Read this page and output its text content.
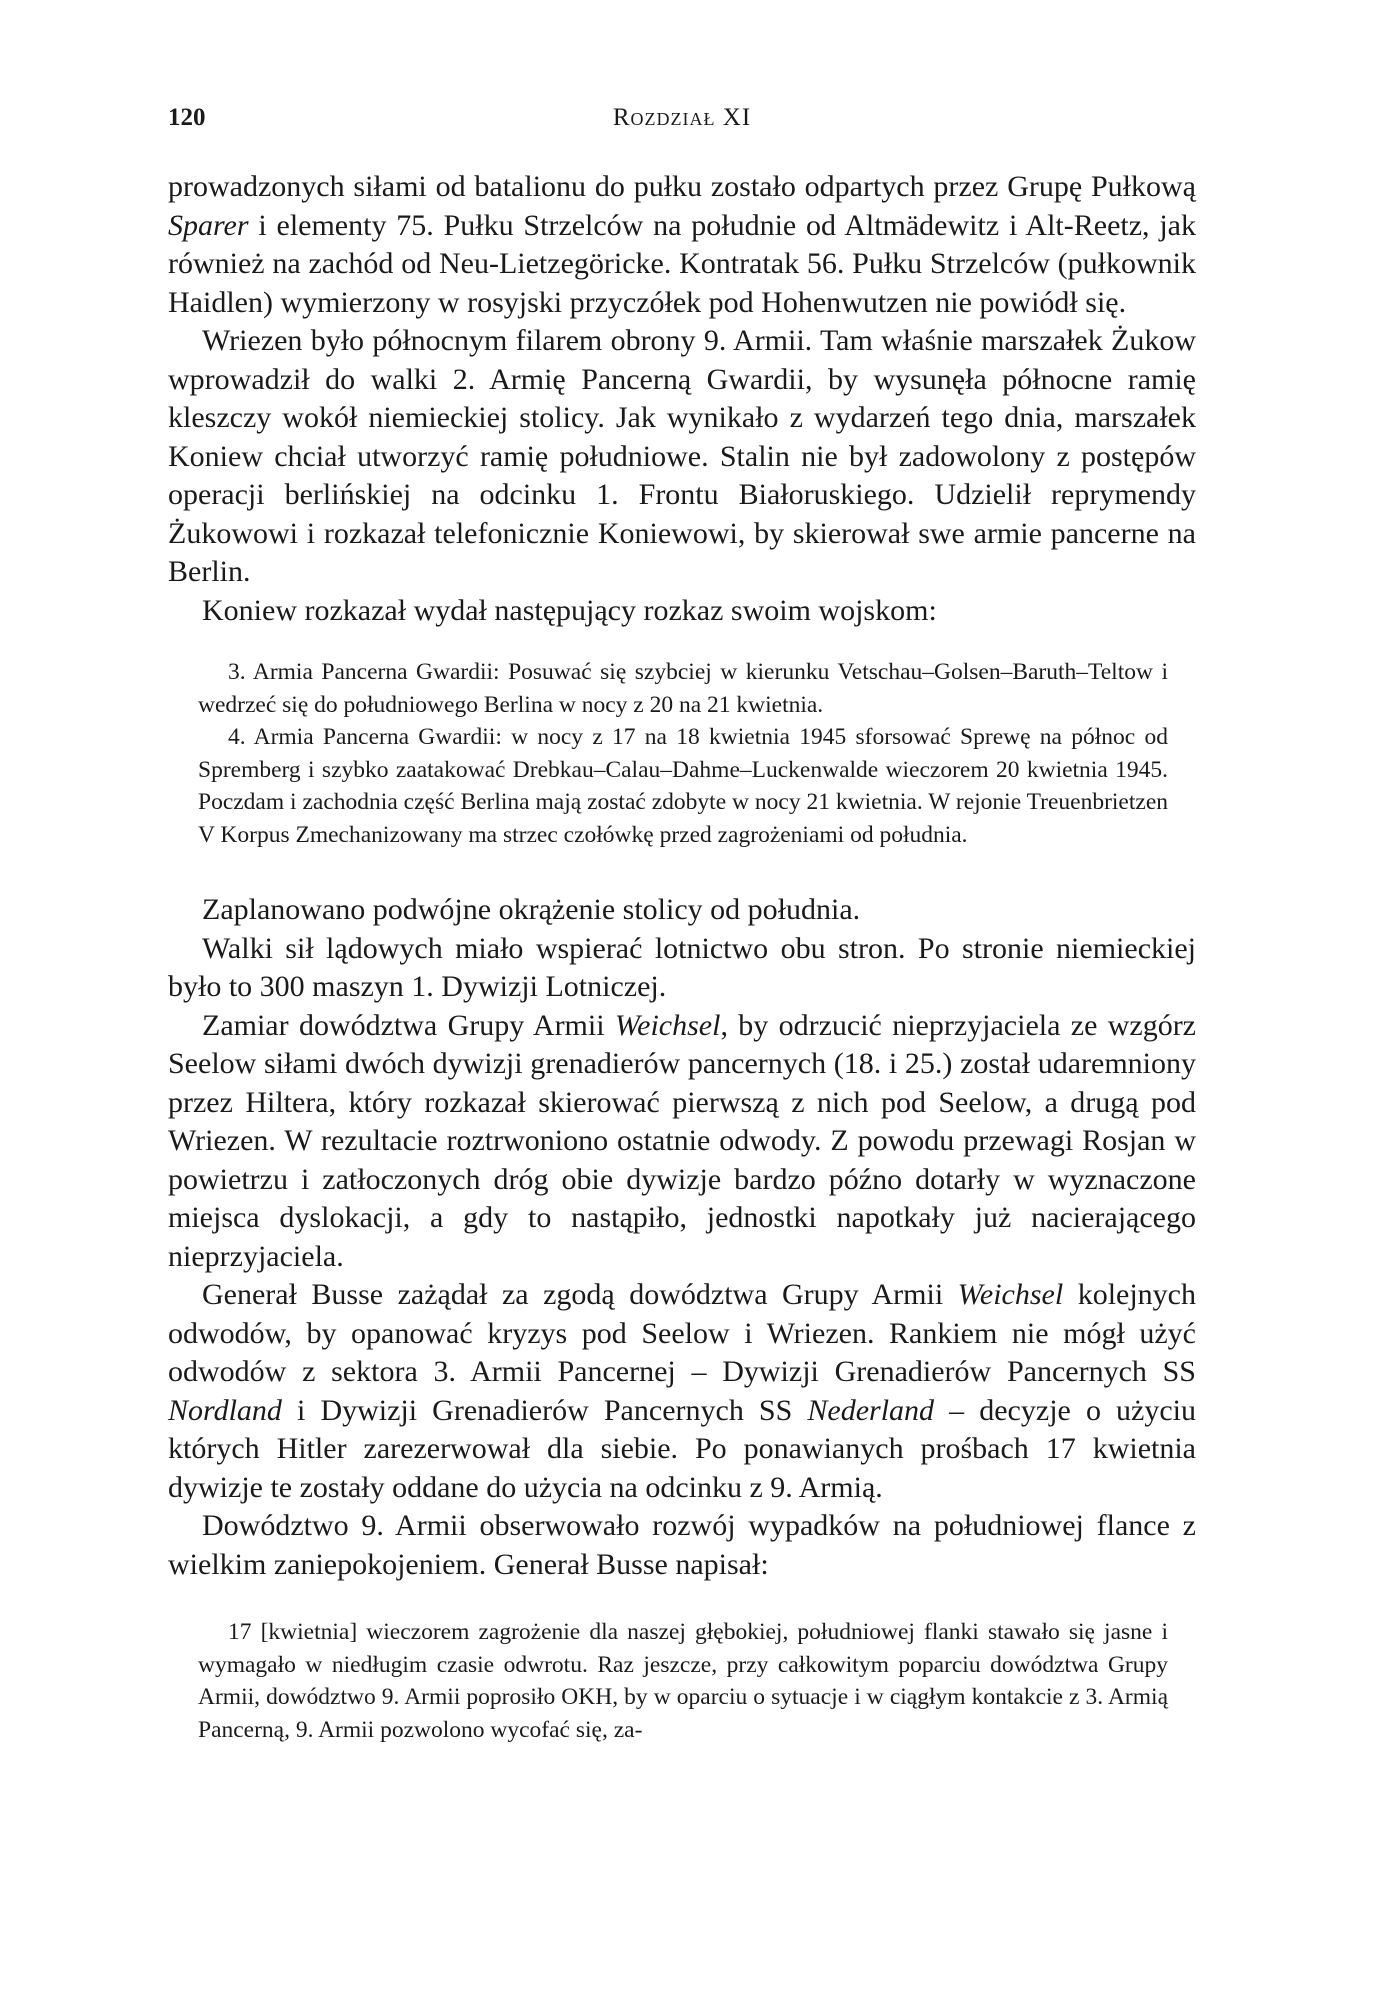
120	Rozdział XI

prowadzonych siłami od batalionu do pułku zostało odpartych przez Grupę Pułkową Sparer i elementy 75. Pułku Strzelców na południe od Altmädewitz i Alt-Reetz, jak również na zachód od Neu-Lietzegöricke. Kontratak 56. Pułku Strzelców (pułkownik Haidlen) wymierzony w rosyjski przyczółek pod Hohenwutzen nie powiódł się.

Wriezen było północnym filarem obrony 9. Armii. Tam właśnie marszałek Żukow wprowadził do walki 2. Armię Pancerną Gwardii, by wysunęła północne ramię kleszczy wokół niemieckiej stolicy. Jak wynikało z wydarzeń tego dnia, marszałek Koniew chciał utworzyć ramię południowe. Stalin nie był zadowolony z postępów operacji berlińskiej na odcinku 1. Frontu Białoruskiego. Udzielił reprymendy Żukowowi i rozkazał telefonicznie Koniewowi, by skierował swe armie pancerne na Berlin.

Koniew rozkazał wydał następujący rozkaz swoim wojskom:

3. Armia Pancerna Gwardii: Posuwać się szybciej w kierunku Vetschau–Golsen–Baruth–Teltow i wedrzeć się do południowego Berlina w nocy z 20 na 21 kwietnia.

4. Armia Pancerna Gwardii: w nocy z 17 na 18 kwietnia 1945 sforsować Sprewę na północ od Spremberg i szybko zaatakować Drebkau–Calau–Dahme–Luckenwalde wieczorem 20 kwietnia 1945. Poczdam i zachodnia część Berlina mają zostać zdobyte w nocy 21 kwietnia. W rejonie Treuenbrietzen V Korpus Zmechanizowany ma strzec czołówkę przed zagrożeniami od południa.

Zaplanowano podwójne okrążenie stolicy od południa.

Walki sił lądowych miało wspierać lotnictwo obu stron. Po stronie niemieckiej było to 300 maszyn 1. Dywizji Lotniczej.

Zamiar dowództwa Grupy Armii Weichsel, by odrzucić nieprzyjaciela ze wzgórz Seelow siłami dwóch dywizji grenadierów pancernych (18. i 25.) został udaremniony przez Hiltera, który rozkazał skierować pierwszą z nich pod Seelow, a drugą pod Wriezen. W rezultacie roztrwoniono ostatnie odwody. Z powodu przewagi Rosjan w powietrzu i zatłoczonych dróg obie dywizje bardzo późno dotarły w wyznaczone miejsca dyslokacji, a gdy to nastąpiło, jednostki napotkały już nacierającego nieprzyjaciela.

Generał Busse zażądał za zgodą dowództwa Grupy Armii Weichsel kolejnych odwodów, by opanować kryzys pod Seelow i Wriezen. Rankiem nie mógł użyć odwodów z sektora 3. Armii Pancernej – Dywizji Grenadierów Pancernych SS Nordland i Dywizji Grenadierów Pancernych SS Nederland – decyzje o użyciu których Hitler zarezerwował dla siebie. Po ponawianych prośbach 17 kwietnia dywizje te zostały oddane do użycia na odcinku z 9. Armią.

Dowództwo 9. Armii obserwowało rozwój wypadków na południowej flance z wielkim zaniepokojeniem. Generał Busse napisał:

17 [kwietnia] wieczorem zagrożenie dla naszej głębokiej, południowej flanki stawało się jasne i wymagało w niedługim czasie odwrotu. Raz jeszcze, przy całkowitym poparciu dowództwa Grupy Armii, dowództwo 9. Armii poprosiło OKH, by w oparciu o sytuacje i w ciągłym kontakcie z 3. Armią Pancerną, 9. Armii pozwolono wycofać się, za-
